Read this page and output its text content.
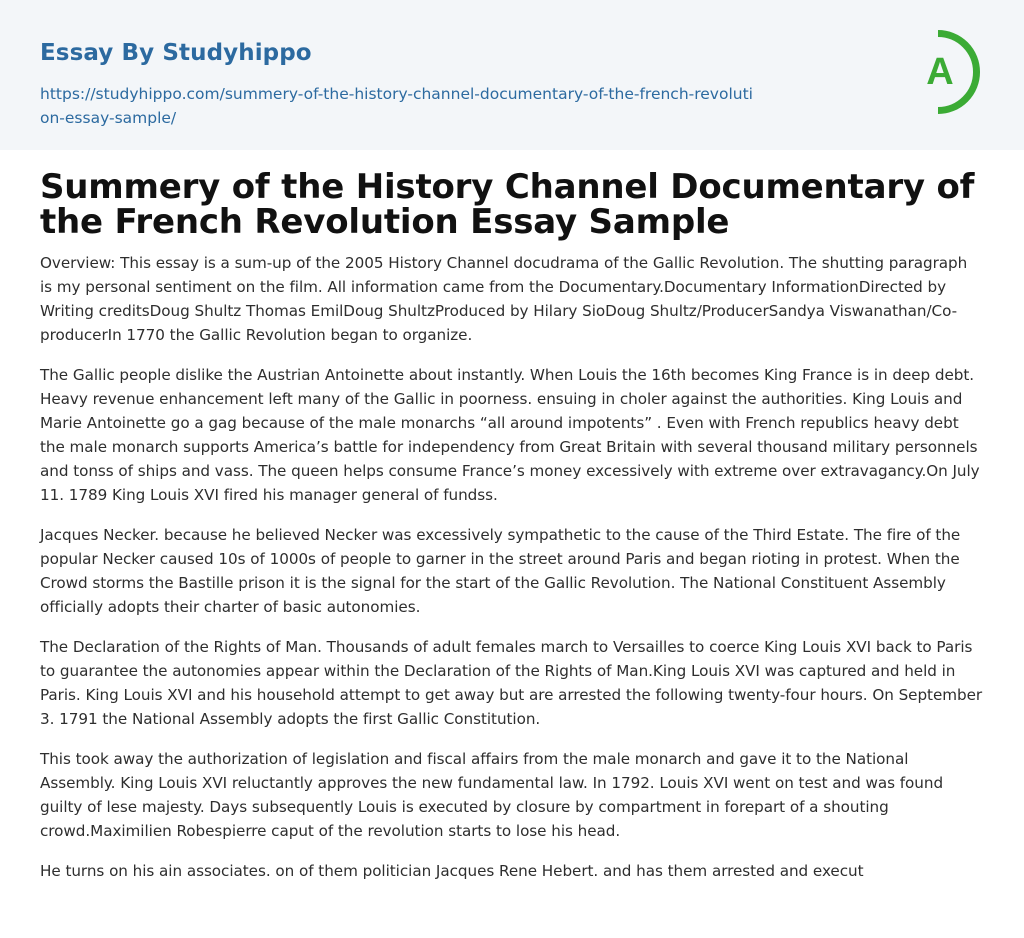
Essay By Studyhippo
https://studyhippo.com/summery-of-the-history-channel-documentary-of-the-french-revolution-essay-sample/
A
Summery of the History Channel Documentary of the French Revolution Essay Sample

Overview: This essay is a sum-up of the 2005 History Channel docudrama of the Gallic Revolution. The shutting paragraph is my personal sentiment on the film. All information came from the Documentary.Documentary InformationDirected by Writing creditsDoug Shultz Thomas EmilDoug ShultzProduced by Hilary SioDoug Shultz/ProducerSandya Viswanathan/Co-producerIn 1770 the Gallic Revolution began to organize.

The Gallic people dislike the Austrian Antoinette about instantly. When Louis the 16th becomes King France is in deep debt. Heavy revenue enhancement left many of the Gallic in poorness. ensuing in choler against the authorities. King Louis and Marie Antoinette go a gag because of the male monarchs “all around impotents” . Even with French republics heavy debt the male monarch supports America’s battle for independency from Great Britain with several thousand military personnels and tonss of ships and vass. The queen helps consume France’s money excessively with extreme over extravagancy.On July 11. 1789 King Louis XVI fired his manager general of fundss.

Jacques Necker. because he believed Necker was excessively sympathetic to the cause of the Third Estate. The fire of the popular Necker caused 10s of 1000s of people to garner in the street around Paris and began rioting in protest. When the Crowd storms the Bastille prison it is the signal for the start of the Gallic Revolution. The National Constituent Assembly officially adopts their charter of basic autonomies.

The Declaration of the Rights of Man. Thousands of adult females march to Versailles to coerce King Louis XVI back to Paris to guarantee the autonomies appear within the Declaration of the Rights of Man.King Louis XVI was captured and held in Paris. King Louis XVI and his household attempt to get away but are arrested the following twenty-four hours. On September 3. 1791 the National Assembly adopts the first Gallic Constitution.

This took away the authorization of legislation and fiscal affairs from the male monarch and gave it to the National Assembly. King Louis XVI reluctantly approves the new fundamental law. In 1792. Louis XVI went on test and was found guilty of lese majesty. Days subsequently Louis is executed by closure by compartment in forepart of a shouting crowd.Maximilien Robespierre caput of the revolution starts to lose his head.

He turns on his ain associates. on of them politician Jacques Rene Hebert. and has them arrested and execut
